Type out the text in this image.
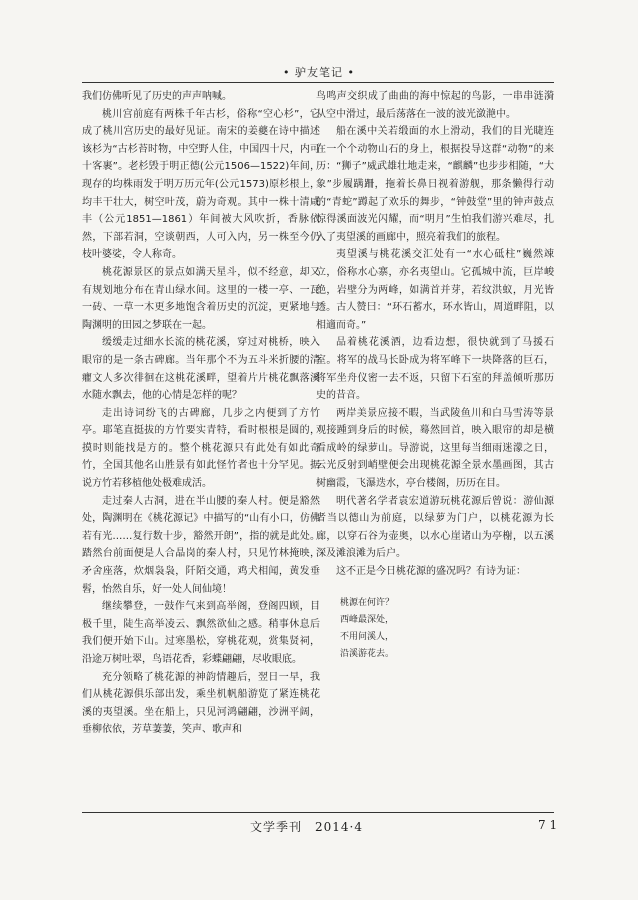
• 驴友笔记 •

我们仿佛听见了历史的声声呐喊。

桃川宫前庭有两株千年古杉，俗称“空心杉”，它成了桃川宫历史的最好见证。南宋的姜夔在诗中描述该杉为“古杉苔时物，中空野人住，中国四十尺，内可十客裹”。老杉毁于明正德(公元1506—1522)年间，现存的均株雨发于明万历元年(公元1573)原杉根上，均丰干壮大，树空叶茂，蔚为奇观。其中一株十清咸丰（公元1851—1861）年间被大风吹折，香脉依然，下部若洞，空谈朝西，人可入内，另一株至今仍枝叶婆娑，令人称奇。

桃花源景区的景点如满天星斗，似不经意，却又有规划地分布在青山绿水间。这里的一楼一亭、一瓦一砖、一草一木更多地饱含着历史的沉淀，更紧地与陶渊明的田园之梦联在一起。

缓缓走过細水长流的桃花溪，穿过对桃桥，映入眼帘的是一条古碑廊。当年那个不为五斗米折腰的清癯文人多次徘徊在这桃花溪畔，望着片片桃花飘落溪水随水飘去，他的心情是怎样的呢？

走出诗词纷飞的古碑廊，几步之内便到了方竹亭。耶笔直挺拔的方竹要实青特，看时根根是圆的，摸时则能找是方的。整个桃花源只有此处有如此奇竹，全国其他名山胜景有如此怪竹者也十分罕见。据说方竹若移植他处极难成活。

走过秦人古洞，进在半山腰的秦人村。便是豁然处，陶渊明在《桃花源记》中描写的“山有小口，仿佛若有光……复行数十步，豁然开朗”，指的就是此处。踏然台前面便是人合晶岗的秦人村，只见竹林掩映，矛舍座落，炊烟袅袅，阡陌交通，鸡犬相闻，黄发垂髫，怡然自乐，好一处人间仙境！

继续攀登，一鼓作气来到高举阁，登阁四顾，目极千里，陡生高举凌云、飘然欲仙之感。稍事休息后我们便开始下山。过寒墨松，穿桃花观，赏集贤祠，沿途万树吐翠，鸟语花香，彩蝶翩翩，尽收眼底。

充分领略了桃花源的神韵情趣后，翌日一早，我们从桃花源俱乐部出发，乘坐机帆船游览了紧连桃花溪的夷望溪。坐在船上，只见河鸿翩翩，沙洲平阔，垂柳依依，芳草萋萋，笑声、歌声和

鸟鸣声交织成了曲曲的海中惊起的鸟影，一串串涟漪从空中滑过，最后荡落在一波的波光潋滟中。

船在溪中关若缎面的水上滑动，我们的目光睫连在一个个动物山石的身上，根据投导这群“动物”的来历：“狮子”威武雄壮地走来，“麒麟”也步步相随，“大象”步履蹒跚，拖着长鼻日视着游舰，那条懒得行动的“青蛇”蹲起了欢乐的舞步，“钟鼓堂”里的钟声鼓点惊得溪面波光闪耀，而“明月”生怕我们游兴难尽，扎入了夷望溪的画廊中，照亮着我们的旅程。

夷望溪与桃花溪交汇处有一“水心砥柱”巍然竦立，俗称水心寨，亦名夷望山。它孤城中流，巨岸峻绝，岩壁分为两峰，如满首并芽，若纹洪蚁，月光皆透。古人赞曰：“环石蓄水，环水皆山，周道畔阻，以相適而奇。”

品着桃花溪酒，边看边想，很快就到了马援石室。将军的战马长卧成为将军峰下一块降落的巨石，将军坐舟仪密一去不返，只留下石室的拜盖倾听那历史的昔音。

两岸美景应接不暇，当武陵鱼川和白马雪涛等景观接踵到身后的时候，蓦然回首，映入眼帘的却是横看成岭的绿萝山。导游说，这里每当细雨迷濛之日，云光反射到峭壁便会出现桃花源全景水墨画图，其古树幽霞，飞瀑迭水，亭台楼阁，历历在目。

明代著名学者袁宏道游玩桃花源后曾说：游仙源者当以德山为前庭，以绿萝为门户，以桃花源为长廊，以穿石谷为壶奥，以水心崖诸山为亭榭，以五溪深及滩浪滩为后户。

这不正是今日桃花源的盛况吗？有诗为证：

桃源在何许？
西峰最深处，
不用问溪人，
沿溪游花去。
文学季刊　2014·4	7 1
